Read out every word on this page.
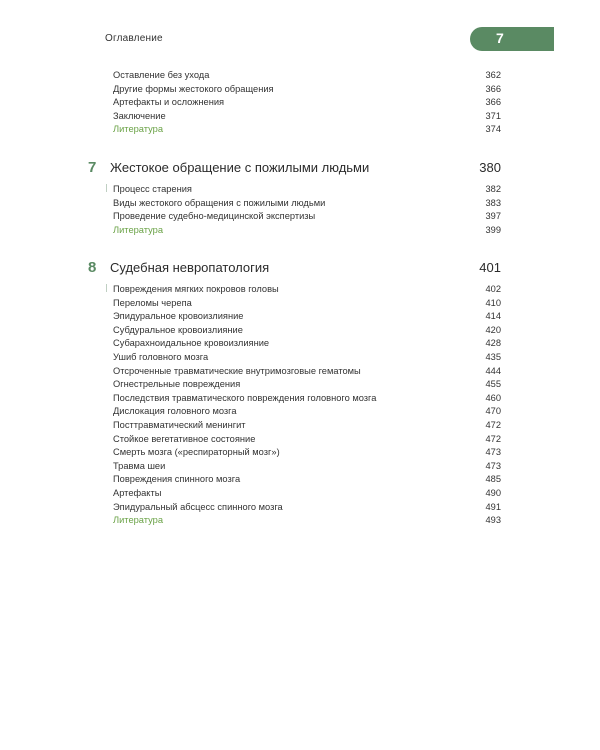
Оглавление	7
Оставление без ухода	362
Другие формы жестокого обращения	366
Артефакты и осложнения	366
Заключение	371
Литература	374
7 Жестокое обращение с пожилыми людьми	380
Процесс старения	382
Виды жестокого обращения с пожилыми людьми	383
Проведение судебно-медицинской экспертизы	397
Литература	399
8 Судебная невропатология	401
Повреждения мягких покровов головы	402
Переломы черепа	410
Эпидуральное кровоизлияние	414
Субдуральное кровоизлияние	420
Субарахноидальное кровоизлияние	428
Ушиб головного мозга	435
Отсроченные травматические внутримозговые гематомы	444
Огнестрельные повреждения	455
Последствия травматического повреждения головного мозга	460
Дислокация головного мозга	470
Посттравматический менингит	472
Стойкое вегетативное состояние	472
Смерть мозга («респираторный мозг»)	473
Травма шеи	473
Повреждения спинного мозга	485
Артефакты	490
Эпидуральный абсцесс спинного мозга	491
Литература	493
